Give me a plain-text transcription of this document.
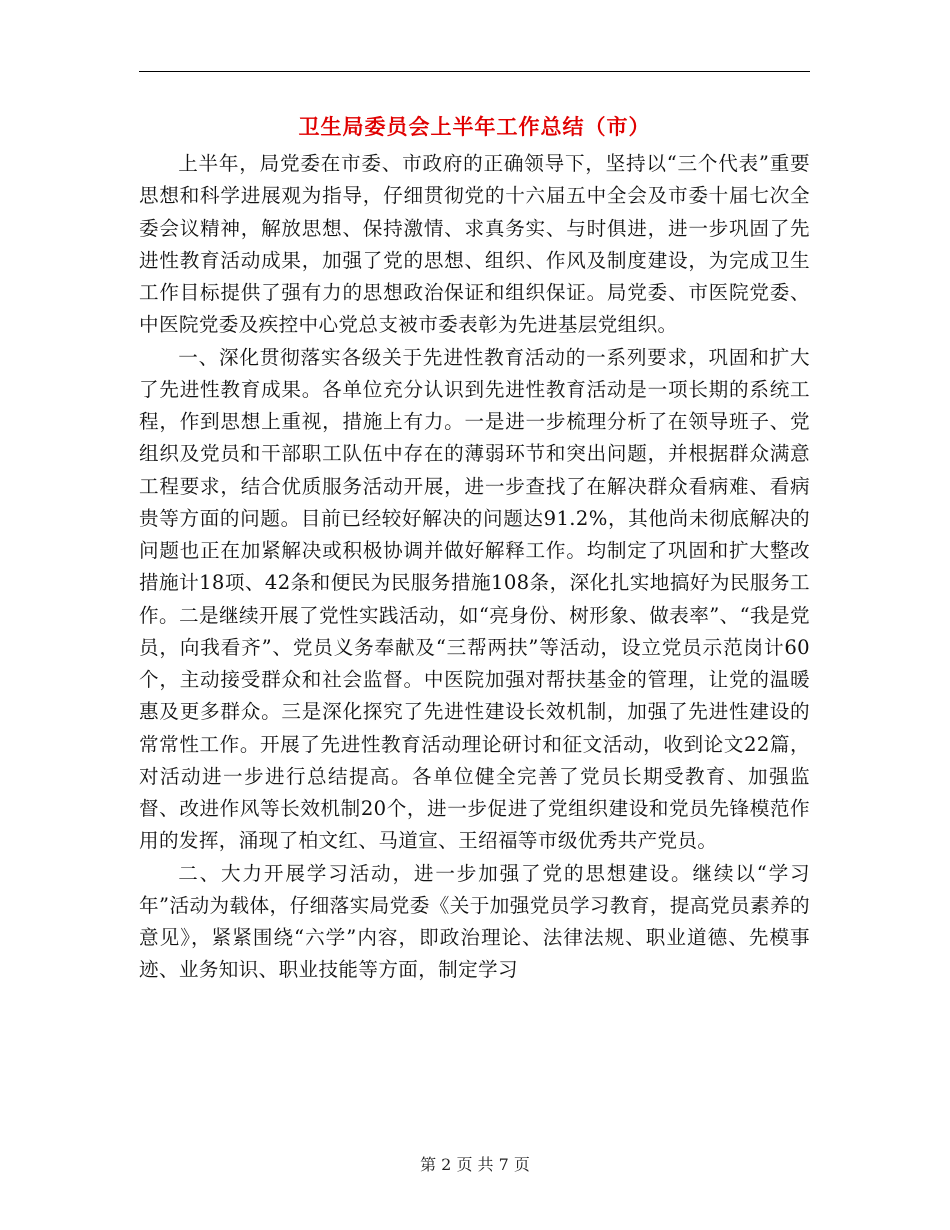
卫生局委员会上半年工作总结（市）

上半年，局党委在市委、市政府的正确领导下，坚持以“三个代表”重要思想和科学进展观为指导，仔细贯彻党的十六届五中全会及市委十届七次全委会议精神，解放思想、保持激情、求真务实、与时俱进，进一步巩固了先进性教育活动成果，加强了党的思想、组织、作风及制度建设，为完成卫生工作目标提供了强有力的思想政治保证和组织保证。局党委、市医院党委、中医院党委及疾控中心党总支被市委表彰为先进基层党组织。

一、深化贯彻落实各级关于先进性教育活动的一系列要求，巩固和扩大了先进性教育成果。各单位充分认识到先进性教育活动是一项长期的系统工程，作到思想上重视，措施上有力。一是进一步梳理分析了在领导班子、党组织及党员和干部职工队伍中存在的薄弱环节和突出问题，并根据群众满意工程要求，结合优质服务活动开展，进一步查找了在解决群众看病难、看病贵等方面的问题。目前已经较好解决的问题达91.2%，其他尚未彻底解决的问题也正在加紧解决或积极协调并做好解释工作。均制定了巩固和扩大整改措施计18项、42条和便民为民服务措施108条，深化扎实地搞好为民服务工作。二是继续开展了党性实践活动，如“亮身份、树形象、做表率”、“我是党员，向我看齐”、党员义务奉献及“三帮两扶”等活动，设立党员示范岗计60个，主动接受群众和社会监督。中医院加强对帮扶基金的管理，让党的温暖惠及更多群众。三是深化探究了先进性建设长效机制，加强了先进性建设的常常性工作。开展了先进性教育活动理论研讨和征文活动，收到论文22篇，对活动进一步进行总结提高。各单位健全完善了党员长期受教育、加强监督、改进作风等长效机制20个，进一步促进了党组织建设和党员先锋模范作用的发挥，涌现了柏文红、马道宣、王绍福等市级优秀共产党员。

二、大力开展学习活动，进一步加强了党的思想建设。继续以“学习年”活动为载体，仔细落实局党委《关于加强党员学习教育，提高党员素养的意见》，紧紧围绕“六学”内容，即政治理论、法律法规、职业道德、先模事迹、业务知识、职业技能等方面，制定学习

第 2 页 共 7 页
